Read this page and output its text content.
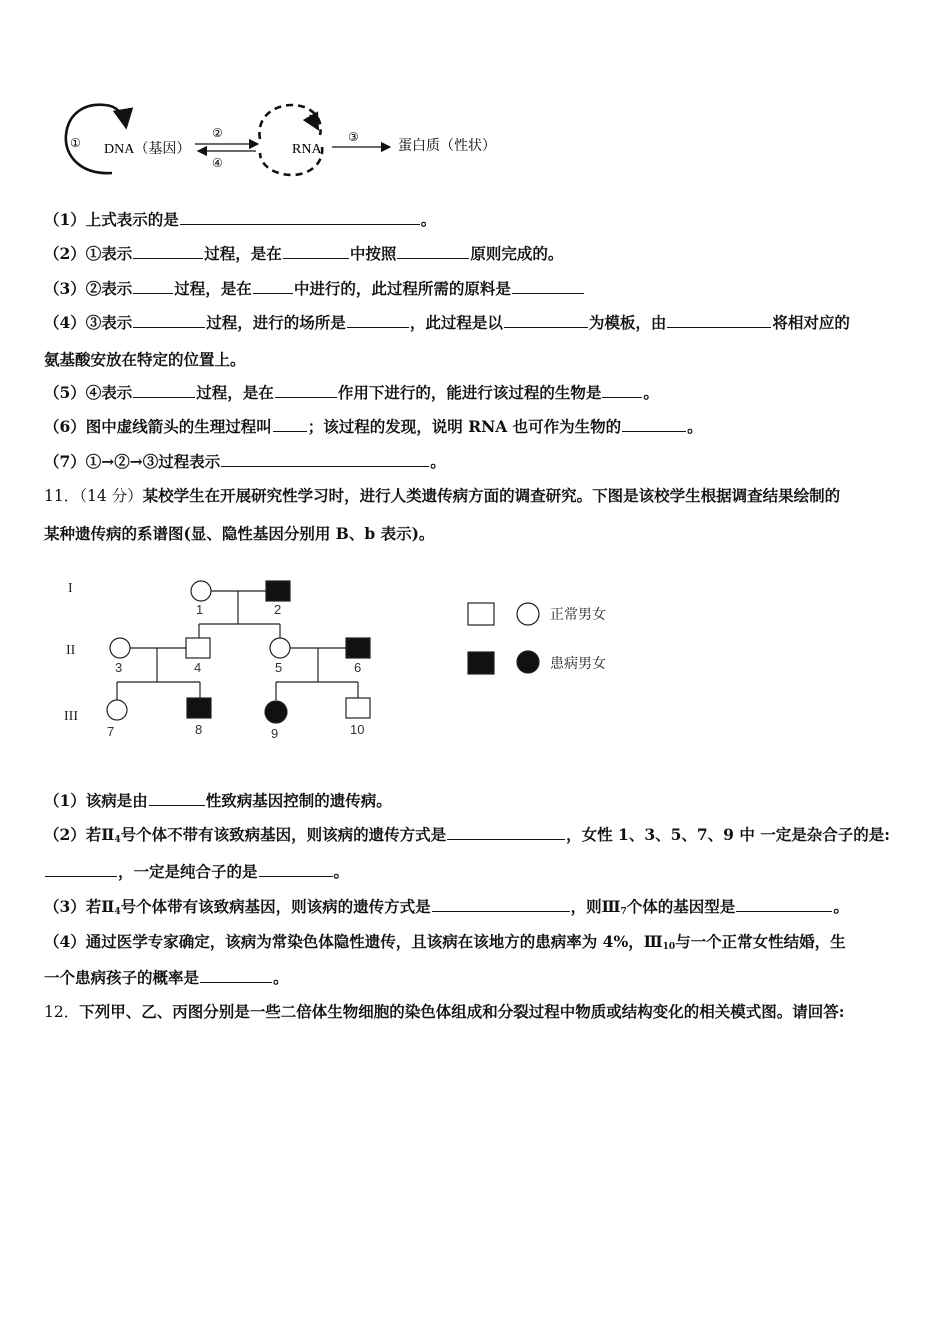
① DNA（基因）
②
④
RNA
③
蛋白质（性状）
（1）上式表示的是	。
（2）①表示	过程，是在	中按照	原则完成的。
（3）②表示	过程，是在	中进行的，此过程所需的原料是
（4）③表示	过程，进行的场所是	，此过程是以	为模板，由	将相对应的
氨基酸安放在特定的位置上。
（5）④表示	过程，是在	作用下进行的，能进行该过程的生物是	。
（6）图中虚线箭头的生理过程叫 ；该过程的发现，说明 RNA 也可作为生物的	。
（7）①→②→③过程表示	。
11．（14 分）某校学生在开展研究性学习时，进行人类遗传病方面的调查研究。下图是该校学生根据调查结果绘制的
某种遗传病的系谱图(显、隐性基因分别用 B、b 表示)。
I
II
III
1	2
3	4	5	6
7	8	9	10
正常男女
患病男女
（1）该病是由	性致病基因控制的遗传病。
（2）若$Ⅱ_4$号个体不带有该致病基因，则该病的遗传方式是	，女性 1、3、5、7、9 中 一定是杂合子的是:
，一定是纯合子的是	。
（3）若$Ⅱ_4$号个体带有该致病基因，则该病的遗传方式是	，则$Ⅲ_7$个体的基因型是	。
（4）通过医学专家确定，该病为常染色体隐性遗传，且该病在该地方的患病率为 4%，$Ⅲ_{10}$与一个正常女性结婚，生
一个患病孩子的概率是	。
12．下列甲、乙、丙图分别是一些二倍体生物细胞的染色体组成和分裂过程中物质或结构变化的相关模式图。请回答:
